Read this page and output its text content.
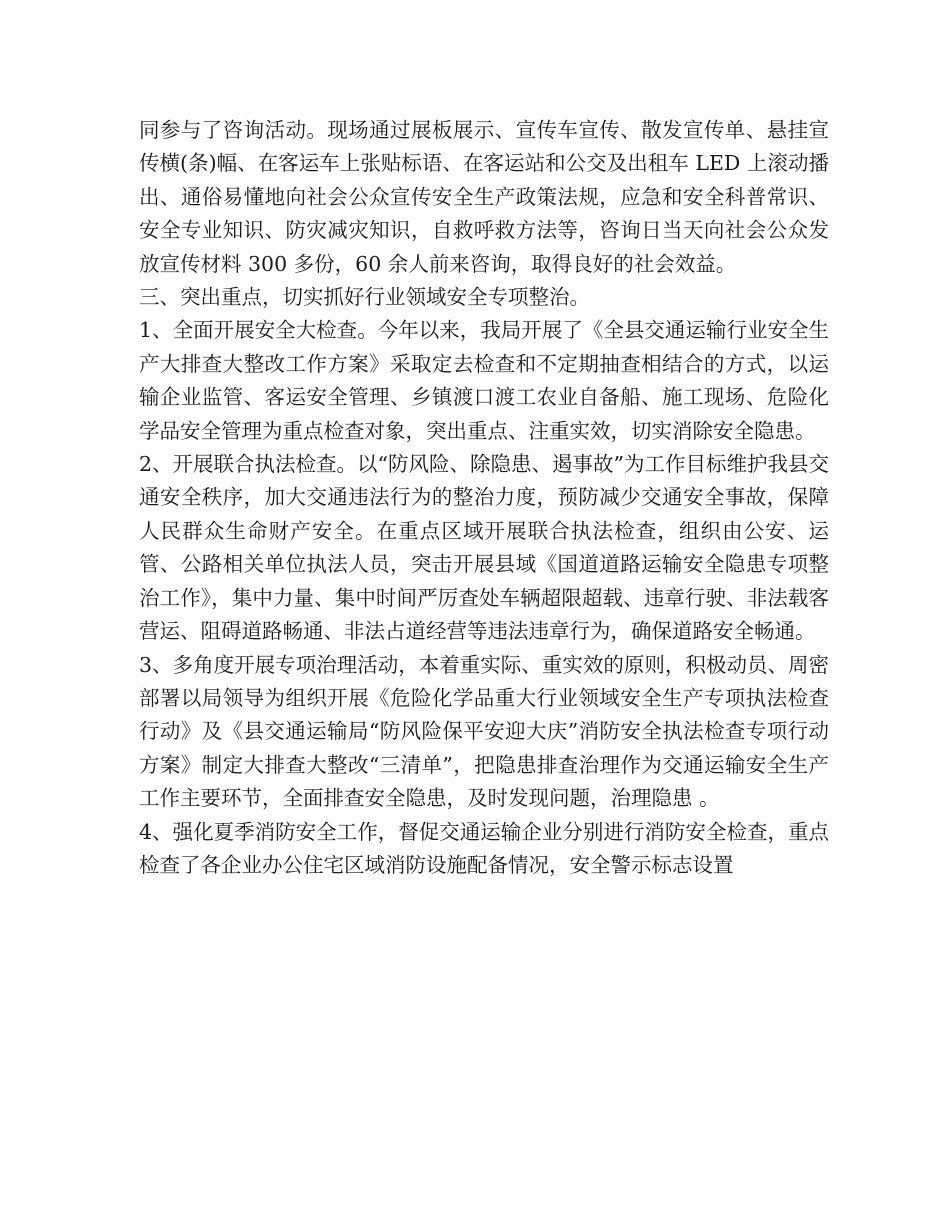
同参与了咨询活动。现场通过展板展示、宣传车宣传、散发宣传单、悬挂宣传横(条)幅、在客运车上张贴标语、在客运站和公交及出租车 LED 上滚动播出、通俗易懂地向社会公众宣传安全生产政策法规，应急和安全科普常识、安全专业知识、防灾减灾知识，自救呼救方法等，咨询日当天向社会公众发放宣传材料 300 多份，60 余人前来咨询，取得良好的社会效益。

三、突出重点，切实抓好行业领域安全专项整治。

1、全面开展安全大检查。今年以来，我局开展了《全县交通运输行业安全生产大排查大整改工作方案》采取定去检查和不定期抽查相结合的方式，以运输企业监管、客运安全管理、乡镇渡口渡工农业自备船、施工现场、危险化学品安全管理为重点检查对象，突出重点、注重实效，切实消除安全隐患。

2、开展联合执法检查。以“防风险、除隐患、遏事故”为工作目标维护我县交通安全秩序，加大交通违法行为的整治力度，预防减少交通安全事故，保障人民群众生命财产安全。在重点区域开展联合执法检查，组织由公安、运管、公路相关单位执法人员，突击开展县域《国道道路运输安全隐患专项整治工作》，集中力量、集中时间严厉查处车辆超限超载、违章行驶、非法载客营运、阻碍道路畅通、非法占道经营等违法违章行为，确保道路安全畅通。

3、多角度开展专项治理活动，本着重实际、重实效的原则，积极动员、周密部署以局领导为组织开展《危险化学品重大行业领域安全生产专项执法检查行动》及《县交通运输局“防风险保平安迎大庆”消防安全执法检查专项行动方案》制定大排查大整改“三清单”，把隐患排查治理作为交通运输安全生产工作主要环节，全面排查安全隐患，及时发现问题，治理隐患 。

4、强化夏季消防安全工作，督促交通运输企业分别进行消防安全检查，重点检查了各企业办公住宅区域消防设施配备情况，安全警示标志设置
